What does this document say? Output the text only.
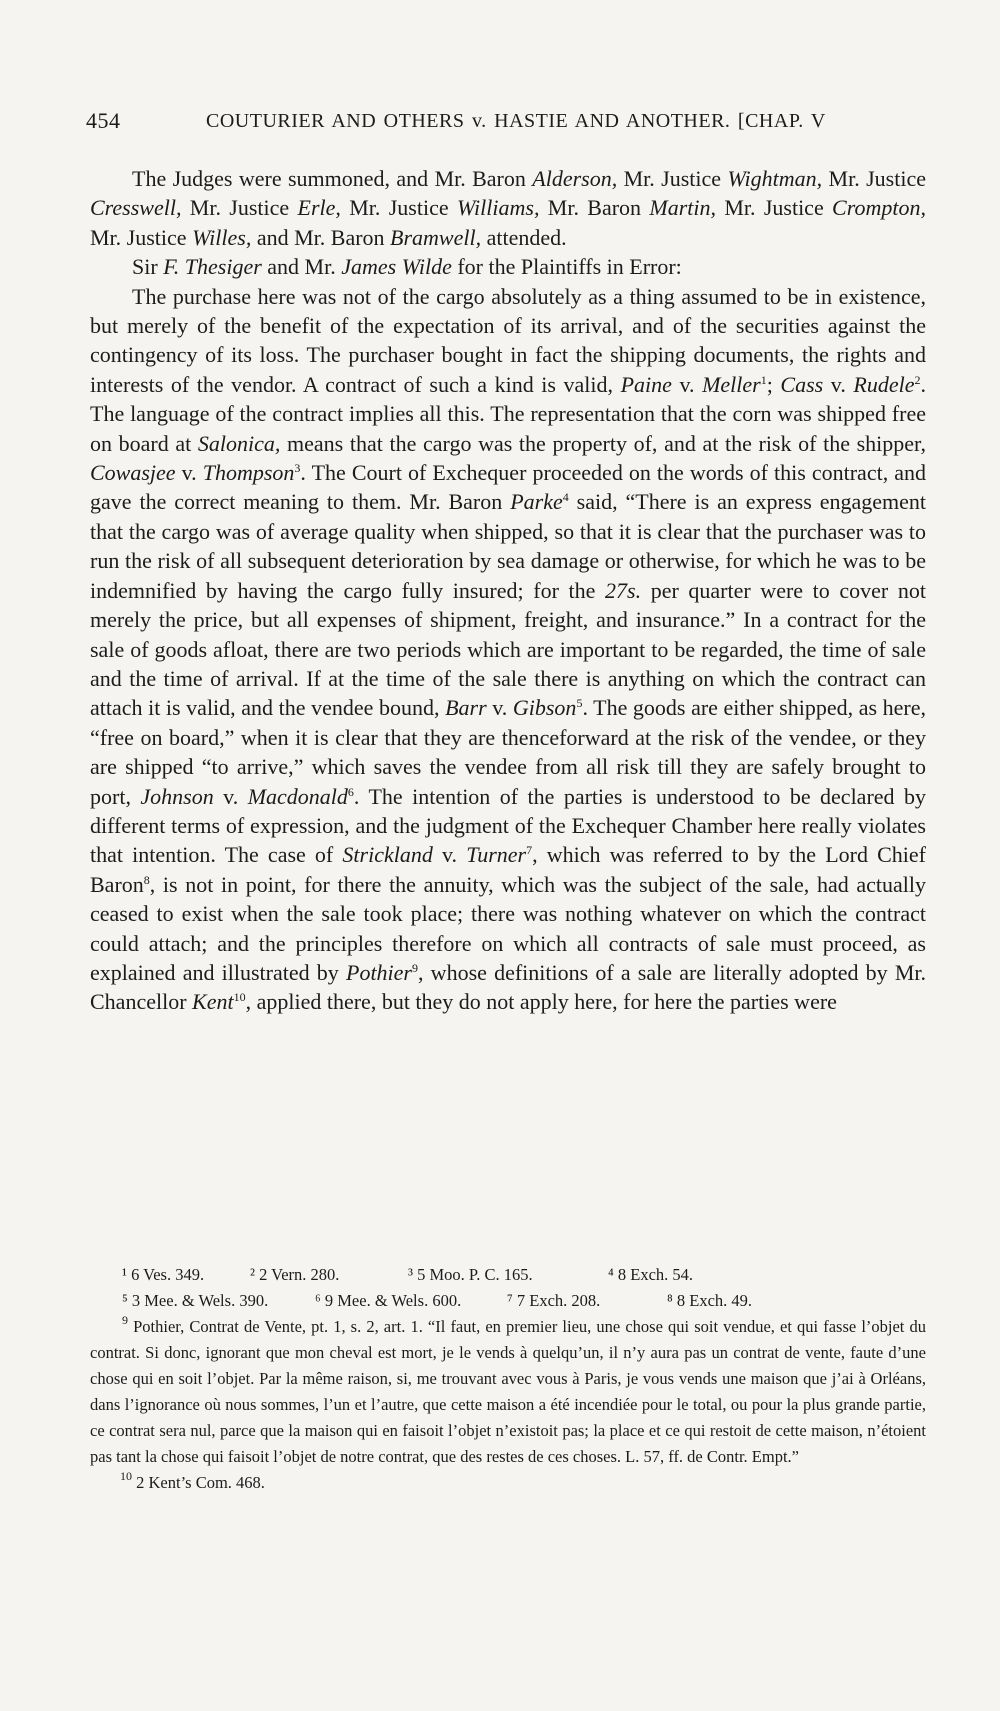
454	COUTURIER AND OTHERS v. HASTIE AND ANOTHER. [CHAP. V

The Judges were summoned, and Mr. Baron Alderson, Mr. Justice Wightman, Mr. Justice Cresswell, Mr. Justice Erle, Mr. Justice Williams, Mr. Baron Martin, Mr. Justice Crompton, Mr. Justice Willes, and Mr. Baron Bramwell, attended.

Sir F. Thesiger and Mr. James Wilde for the Plaintiffs in Error:

The purchase here was not of the cargo absolutely as a thing assumed to be in existence, but merely of the benefit of the expectation of its arrival, and of the securities against the contingency of its loss. The purchaser bought in fact the shipping documents, the rights and interests of the vendor. A contract of such a kind is valid, Paine v. Meller$^1$; Cass v. Rudele$^2$. The language of the contract implies all this. The representation that the corn was shipped free on board at Salonica, means that the cargo was the property of, and at the risk of the shipper, Cowasjee v. Thompson$^3$. The Court of Exchequer proceeded on the words of this contract, and gave the correct meaning to them. Mr. Baron Parke$^4$ said, “There is an express engagement that the cargo was of average quality when shipped, so that it is clear that the purchaser was to run the risk of all subsequent deterioration by sea damage or otherwise, for which he was to be indemnified by having the cargo fully insured; for the 27s. per quarter were to cover not merely the price, but all expenses of shipment, freight, and insurance.” In a contract for the sale of goods afloat, there are two periods which are important to be regarded, the time of sale and the time of arrival. If at the time of the sale there is anything on which the contract can attach it is valid, and the vendee bound, Barr v. Gibson$^5$. The goods are either shipped, as here, “free on board,” when it is clear that they are thenceforward at the risk of the vendee, or they are shipped “to arrive,” which saves the vendee from all risk till they are safely brought to port, Johnson v. Macdonald$^6$. The intention of the parties is understood to be declared by different terms of expression, and the judgment of the Exchequer Chamber here really violates that intention. The case of Strickland v. Turner$^7$, which was referred to by the Lord Chief Baron$^8$, is not in point, for there the annuity, which was the subject of the sale, had actually ceased to exist when the sale took place; there was nothing whatever on which the contract could attach; and the principles therefore on which all contracts of sale must proceed, as explained and illustrated by Pothier$^9$, whose definitions of a sale are literally adopted by Mr. Chancellor Kent$^{10}$, applied there, but they do not apply here, for here the parties were

¹ 6 Ves. 349.	² 2 Vern. 280.	³ 5 Moo. P. C. 165.	⁴ 8 Exch. 54.
⁵ 3 Mee. & Wels. 390.	⁶ 9 Mee. & Wels. 600.	⁷ 7 Exch. 208.	⁸ 8 Exch. 49.

$^9$ Pothier, Contrat de Vente, pt. 1, s. 2, art. 1. “Il faut, en premier lieu, une chose qui soit vendue, et qui fasse l’objet du contrat. Si donc, ignorant que mon cheval est mort, je le vends à quelqu’un, il n’y aura pas un contrat de vente, faute d’une chose qui en soit l’objet. Par la même raison, si, me trouvant avec vous à Paris, je vous vends une maison que j’ai à Orléans, dans l’ignorance où nous sommes, l’un et l’autre, que cette maison a été incendiée pour le total, ou pour la plus grande partie, ce contrat sera nul, parce que la maison qui en faisoit l’objet n’existoit pas; la place et ce qui restoit de cette maison, n’étoient pas tant la chose qui faisoit l’objet de notre contrat, que des restes de ces choses. L. 57, ff. de Contr. Empt.”

$^{10}$ 2 Kent’s Com. 468.
